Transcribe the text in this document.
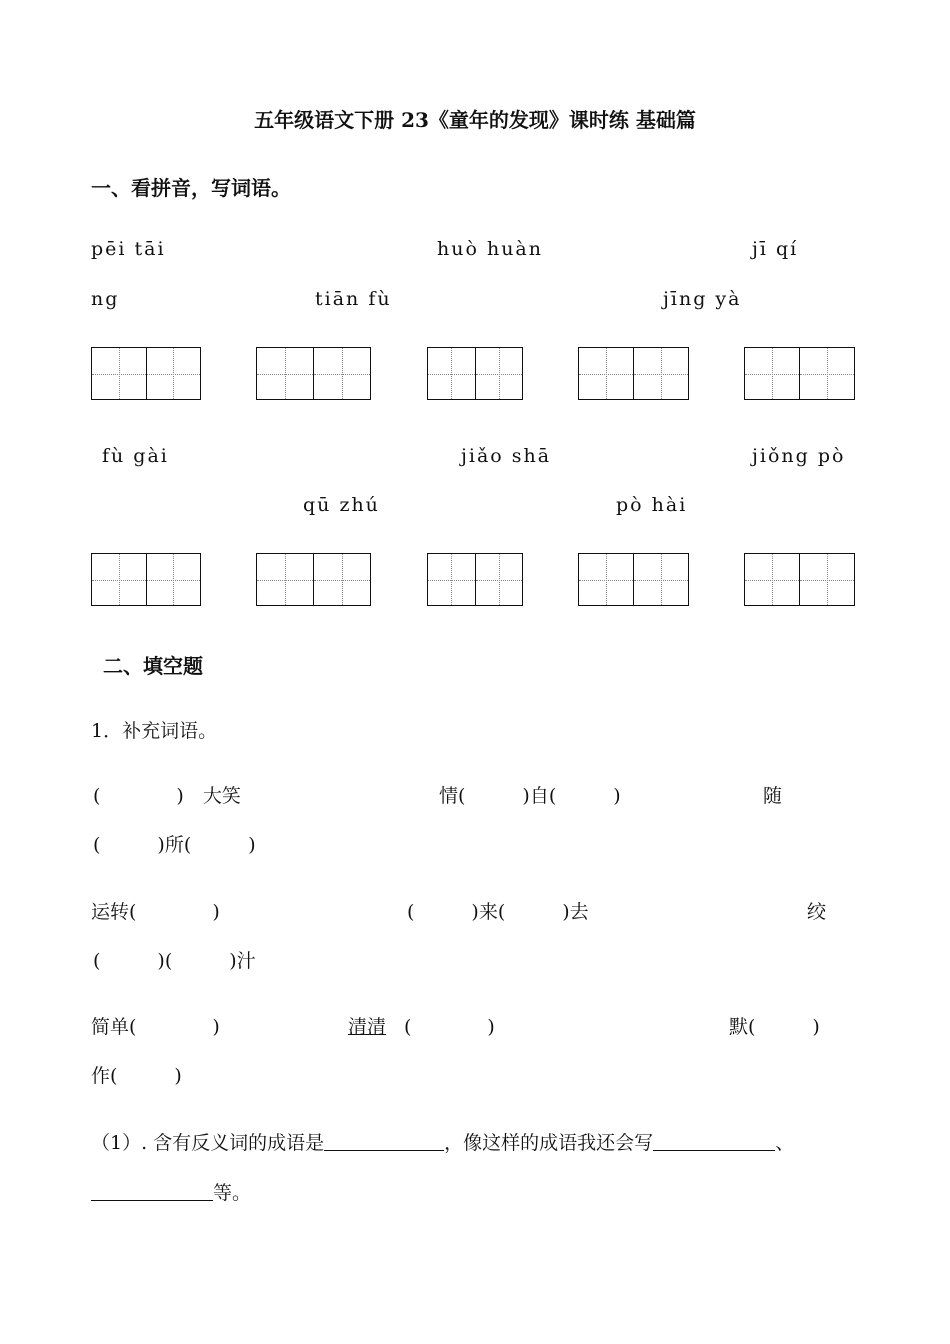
五年级语文下册 23《童年的发现》课时练 基础篇
一、看拼音，写词语。
pēi tāi	huò huàn	jī qí
ng	tiān fù	jīng yà
fù gài	jiǎo shā	jiǒng pò
qū zhú	pò hài
二、填空题
1．补充词语。
(　　　　)　大笑	情(　　　)自(　　　)	随
(　　　)所(　　　)
运转(　　　　)	(　　　)来(　　　)去	绞
(　　　)(　　　)汁
简单(　　　　)	清清 (　　　　)	默(　　　)
作(　　　)
（1）. 含有反义词的成语是	，像这样的成语我还会写	、
等。
